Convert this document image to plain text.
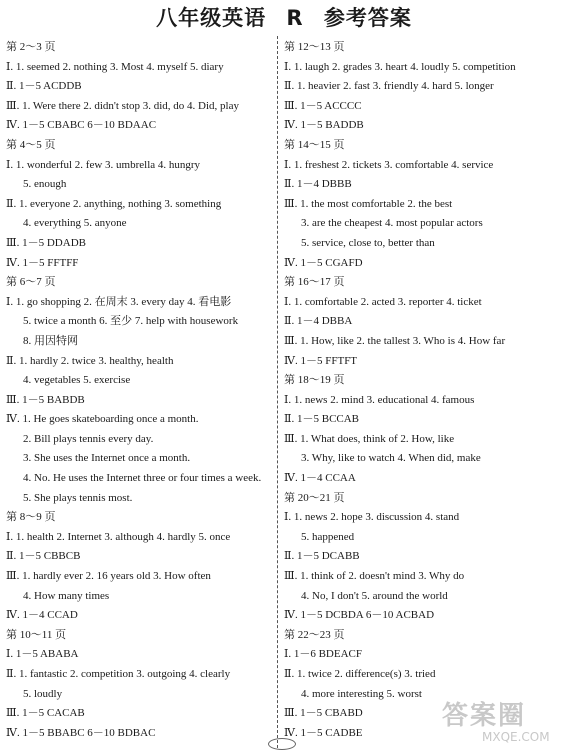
八年级英语 R 参考答案
第 2～3 页
Ⅰ. 1. seemed 2. nothing 3. Most 4. myself 5. diary
Ⅱ. 1－5 ACDDB
Ⅲ. 1. Were there 2. didn't stop 3. did, do 4. Did, play
Ⅳ. 1－5 CBABC 6－10 BDAAC
第 4～5 页
Ⅰ. 1. wonderful 2. few 3. umbrella 4. hungry
5. enough
Ⅱ. 1. everyone 2. anything, nothing 3. something
4. everything 5. anyone
Ⅲ. 1－5 DDADB
Ⅳ. 1－5 FFTFF
第 6～7 页
Ⅰ. 1. go shopping 2. 在周末 3. every day 4. 看电影
5. twice a month 6. 至少 7. help with housework
8. 用因特网
Ⅱ. 1. hardly 2. twice 3. healthy, health
4. vegetables 5. exercise
Ⅲ. 1－5 BABDB
Ⅳ. 1. He goes skateboarding once a month.
2. Bill plays tennis every day.
3. She uses the Internet once a month.
4. No. He uses the Internet three or four times a week.
5. She plays tennis most.
第 8～9 页
Ⅰ. 1. health 2. Internet 3. although 4. hardly 5. once
Ⅱ. 1－5 CBBCB
Ⅲ. 1. hardly ever 2. 16 years old 3. How often
4. How many times
Ⅳ. 1－4 CCAD
第 10～11 页
Ⅰ. 1－5 ABABA
Ⅱ. 1. fantastic 2. competition 3. outgoing 4. clearly
5. loudly
Ⅲ. 1－5 CACAB
Ⅳ. 1－5 BBABC 6－10 BDBAC
第 12～13 页
Ⅰ. 1. laugh 2. grades 3. heart 4. loudly 5. competition
Ⅱ. 1. heavier 2. fast 3. friendly 4. hard 5. longer
Ⅲ. 1－5 ACCCC
Ⅳ. 1－5 BADDB
第 14～15 页
Ⅰ. 1. freshest 2. tickets 3. comfortable 4. service
Ⅱ. 1－4 DBBB
Ⅲ. 1. the most comfortable 2. the best
3. are the cheapest 4. most popular actors
5. service, close to, better than
Ⅳ. 1－5 CGAFD
第 16～17 页
Ⅰ. 1. comfortable 2. acted 3. reporter 4. ticket
Ⅱ. 1－4 DBBA
Ⅲ. 1. How, like 2. the tallest 3. Who is 4. How far
Ⅳ. 1－5 FFTFT
第 18～19 页
Ⅰ. 1. news 2. mind 3. educational 4. famous
Ⅱ. 1－5 BCCAB
Ⅲ. 1. What does, think of 2. How, like
3. Why, like to watch 4. When did, make
Ⅳ. 1－4 CCAA
第 20～21 页
Ⅰ. 1. news 2. hope 3. discussion 4. stand
5. happened
Ⅱ. 1－5 DCABB
Ⅲ. 1. think of 2. doesn't mind 3. Why do
4. No, I don't 5. around the world
Ⅳ. 1－5 DCBDA 6－10 ACBAD
第 22～23 页
Ⅰ. 1－6 BDEACF
Ⅱ. 1. twice 2. difference(s) 3. tried
4. more interesting 5. worst
Ⅲ. 1－5 CBABD
Ⅳ. 1－5 CADBE
答案圈
MXQE.COM
